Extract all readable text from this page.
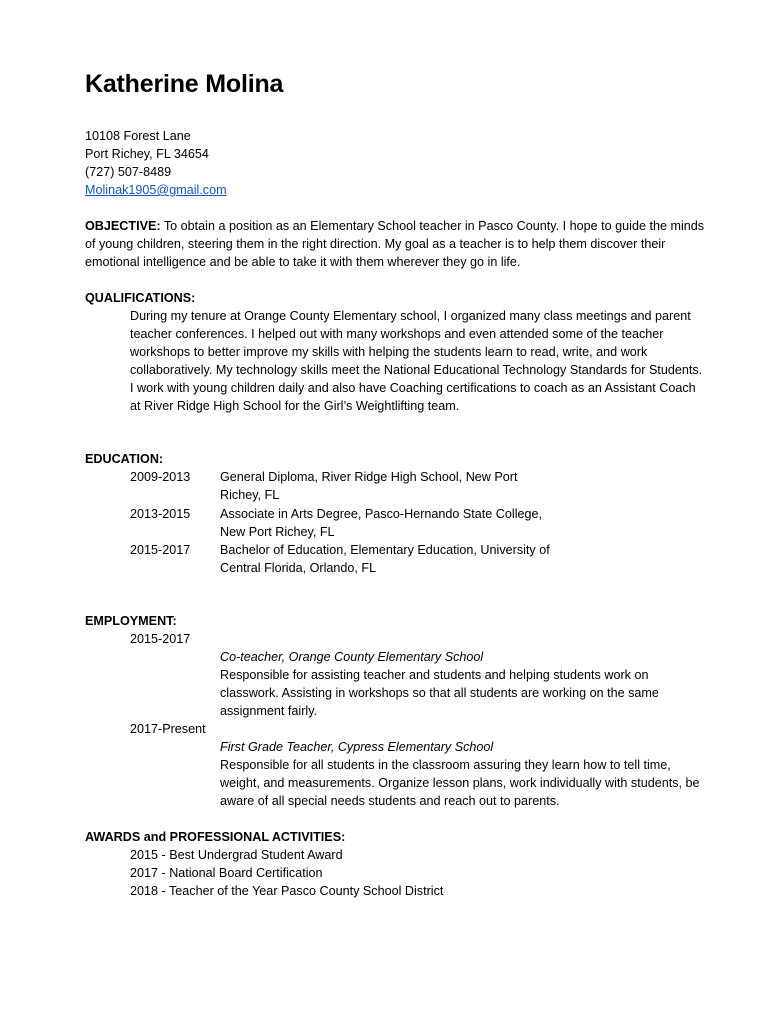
Katherine Molina
10108 Forest Lane
Port Richey, FL 34654
(727) 507-8489
Molinak1905@gmail.com
OBJECTIVE: To obtain a position as an Elementary School teacher in Pasco County. I hope to guide the minds of young children, steering them in the right direction. My goal as a teacher is to help them discover their emotional intelligence and be able to take it with them wherever they go in life.
QUALIFICATIONS:
During my tenure at Orange County Elementary school, I organized many class meetings and parent teacher conferences. I helped out with many workshops and even attended some of the teacher workshops to better improve my skills with helping the students learn to read, write, and work collaboratively. My technology skills meet the National Educational Technology Standards for Students. I work with young children daily and also have Coaching certifications to coach as an Assistant Coach at River Ridge High School for the Girl’s Weightlifting team.
EDUCATION:
2009-2013 General Diploma, River Ridge High School, New Port
Richey, FL
2013-2015 Associate in Arts Degree, Pasco-Hernando State College,
New Port Richey, FL
2015-2017 Bachelor of Education, Elementary Education, University of
Central Florida, Orlando, FL
EMPLOYMENT:
2015-2017
Co-teacher, Orange County Elementary School
Responsible for assisting teacher and students and helping students work on classwork. Assisting in workshops so that all students are working on the same assignment fairly.
2017-Present
First Grade Teacher, Cypress Elementary School
Responsible for all students in the classroom assuring they learn how to tell time, weight, and measurements. Organize lesson plans, work individually with students, be aware of all special needs students and reach out to parents.
AWARDS and PROFESSIONAL ACTIVITIES:
2015 - Best Undergrad Student Award
2017 - National Board Certification
2018 - Teacher of the Year Pasco County School District
